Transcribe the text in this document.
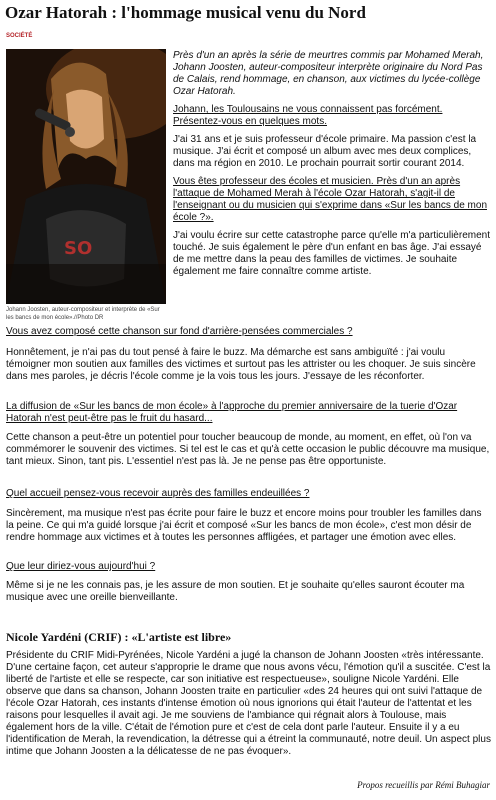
Ozar Hatorah : l'hommage musical venu du Nord
SOCIÉTÉ
SO
Johann Joosten, auteur-compositeur et interprète de «Sur les bancs de mon école».//Photo DR

Près d'un an après la série de meurtres commis par Mohamed Merah, Johann Joosten, auteur-compositeur interprète originaire du Nord Pas de Calais, rend hommage, en chanson, aux victimes du lycée-collège Ozar Hatorah.

Johann, les Toulousains ne vous connaissent pas forcément. Présentez-vous en quelques mots.

J'ai 31 ans et je suis professeur d'école primaire. Ma passion c'est la musique. J'ai écrit et composé un album avec mes deux complices, dans ma région en 2010. Le prochain pourrait sortir courant 2014.

Vous êtes professeur des écoles et musicien. Près d'un an après l'attaque de Mohamed Merah à l'école Ozar Hatorah, s'agit-il de l'enseignant ou du musicien qui s'exprime dans «Sur les bancs de mon école ?».

J'ai voulu écrire sur cette catastrophe parce qu'elle m'a particulièrement touché. Je suis également le père d'un enfant en bas âge. J'ai essayé de me mettre dans la peau des familles de victimes. Je souhaite également me faire connaître comme artiste.

Vous avez composé cette chanson sur fond d'arrière-pensées commerciales ?

Honnêtement, je n'ai pas du tout pensé à faire le buzz. Ma démarche est sans ambiguïté : j'ai voulu témoigner mon soutien aux familles des victimes et surtout pas les attrister ou les choquer. Je suis sincère dans mes paroles, je décris l'école comme je la vois tous les jours. J'essaye de les réconforter.

La diffusion de «Sur les bancs de mon école» à l'approche du premier anniversaire de la tuerie d'Ozar Hatorah n'est peut-être pas le fruit du hasard...

Cette chanson a peut-être un potentiel pour toucher beaucoup de monde, au moment, en effet, où l'on va commémorer le souvenir des victimes. Si tel est le cas et qu'à cette occasion le public découvre ma musique, tant mieux. Sinon, tant pis. L'essentiel n'est pas là. Je ne pense pas être opportuniste.

Quel accueil pensez-vous recevoir auprès des familles endeuillées ?

Sincèrement, ma musique n'est pas écrite pour faire le buzz et encore moins pour troubler les familles dans la peine. Ce qui m'a guidé lorsque j'ai écrit et composé «Sur les bancs de mon école», c'est mon désir de rendre hommage aux victimes et à toutes les personnes affligées, et partager une émotion avec elles.

Que leur diriez-vous aujourd'hui ?

Même si je ne les connais pas, je les assure de mon soutien. Et je souhaite qu'elles sauront écouter ma musique avec une oreille bienveillante.

Nicole Yardéni (CRIF) : «L'artiste est libre»

Présidente du CRIF Midi-Pyrénées, Nicole Yardéni a jugé la chanson de Johann Joosten «très intéressante. D'une certaine façon, cet auteur s'approprie le drame que nous avons vécu, l'émotion qu'il a suscitée. C'est la liberté de l'artiste et elle se respecte, car son initiative est respectueuse», souligne Nicole Yardéni. Elle observe que dans sa chanson, Johann Joosten traite en particulier «des 24 heures qui ont suivi l'attaque de l'école Ozar Hatorah, ces instants d'intense émotion où nous ignorions qui était l'auteur de l'attentat et les raisons pour lesquelles il avait agi. Je me souviens de l'ambiance qui régnait alors à Toulouse, mais également hors de la ville. C'était de l'émotion pure et c'est de cela dont parle l'auteur. Ensuite il y a eu l'identification de Merah, la revendication, la détresse qui a étreint la communauté, notre deuil. Un aspect plus intime que Johann Joosten a la délicatesse de ne pas évoquer».

Propos recueillis par Rémi Buhagiar
